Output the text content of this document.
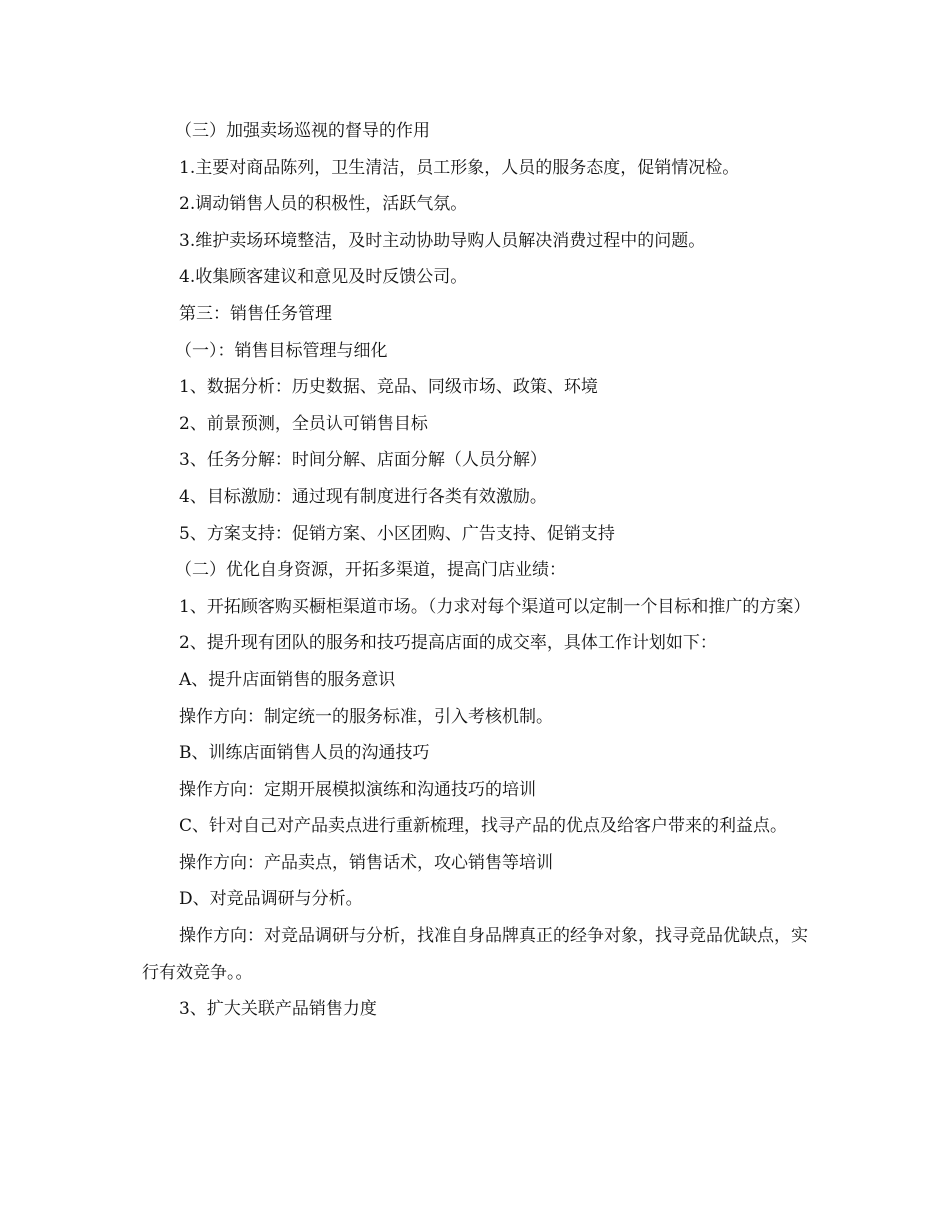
（三）加强卖场巡视的督导的作用

1.主要对商品陈列，卫生清洁，员工形象，人员的服务态度，促销情况检。

2.调动销售人员的积极性，活跃气氛。

3.维护卖场环境整洁，及时主动协助导购人员解决消费过程中的问题。

4.收集顾客建议和意见及时反馈公司。

第三：销售任务管理

（一）：销售目标管理与细化

1、数据分析：历史数据、竞品、同级市场、政策、环境

2、前景预测，全员认可销售目标

3、任务分解：时间分解、店面分解（人员分解）

4、目标激励：通过现有制度进行各类有效激励。

5、方案支持：促销方案、小区团购、广告支持、促销支持

（二）优化自身资源，开拓多渠道，提高门店业绩：

1、开拓顾客购买橱柜渠道市场。（力求对每个渠道可以定制一个目标和推广的方案）

2、提升现有团队的服务和技巧提高店面的成交率，具体工作计划如下：

A、提升店面销售的服务意识

操作方向：制定统一的服务标准，引入考核机制。

B、训练店面销售人员的沟通技巧

操作方向：定期开展模拟演练和沟通技巧的培训

C、针对自己对产品卖点进行重新梳理，找寻产品的优点及给客户带来的利益点。

操作方向：产品卖点，销售话术，攻心销售等培训

D、对竞品调研与分析。

操作方向：对竞品调研与分析，找准自身品牌真正的经争对象，找寻竞品优缺点，实行有效竞争。。

3、扩大关联产品销售力度
